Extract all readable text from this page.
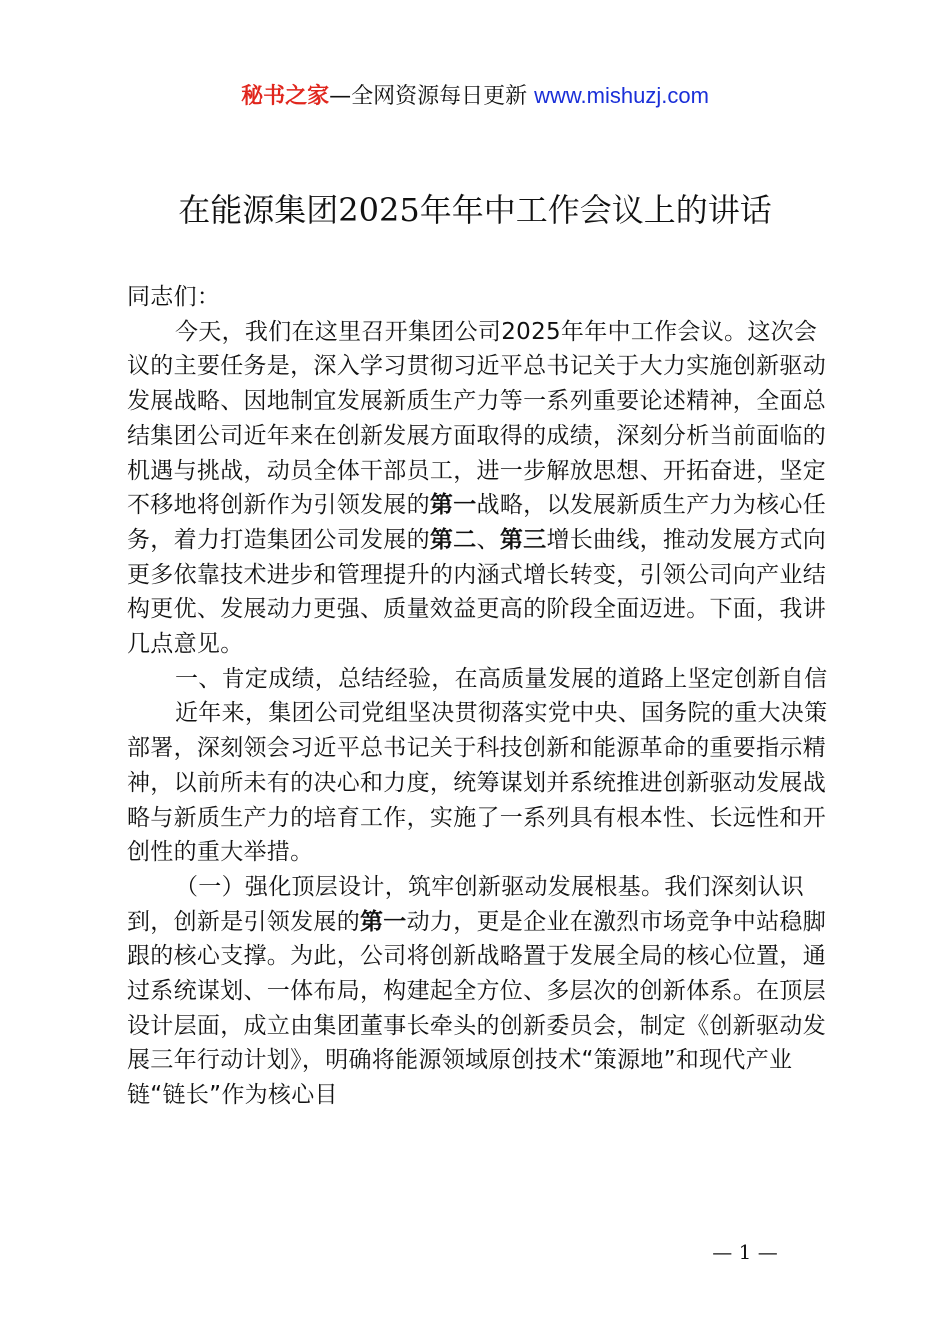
秘书之家—全网资源每日更新 www.mishuzj.com
在能源集团2025年年中工作会议上的讲话

同志们：

今天，我们在这里召开集团公司2025年年中工作会议。这次会议的主要任务是，深入学习贯彻习近平总书记关于大力实施创新驱动发展战略、因地制宜发展新质生产力等一系列重要论述精神，全面总结集团公司近年来在创新发展方面取得的成绩，深刻分析当前面临的机遇与挑战，动员全体干部员工，进一步解放思想、开拓奋进，坚定不移地将创新作为引领发展的第一战略，以发展新质生产力为核心任务，着力打造集团公司发展的第二、第三增长曲线，推动发展方式向更多依靠技术进步和管理提升的内涵式增长转变，引领公司向产业结构更优、发展动力更强、质量效益更高的阶段全面迈进。下面，我讲几点意见。

一、肯定成绩，总结经验，在高质量发展的道路上坚定创新自信

近年来，集团公司党组坚决贯彻落实党中央、国务院的重大决策部署，深刻领会习近平总书记关于科技创新和能源革命的重要指示精神，以前所未有的决心和力度，统筹谋划并系统推进创新驱动发展战略与新质生产力的培育工作，实施了一系列具有根本性、长远性和开创性的重大举措。

（一）强化顶层设计，筑牢创新驱动发展根基。我们深刻认识到，创新是引领发展的第一动力，更是企业在激烈市场竞争中站稳脚跟的核心支撑。为此，公司将创新战略置于发展全局的核心位置，通过系统谋划、一体布局，构建起全方位、多层次的创新体系。在顶层设计层面，成立由集团董事长牵头的创新委员会，制定《创新驱动发展三年行动计划》，明确将能源领域原创技术“策源地”和现代产业链“链长”作为核心目

— 1 —
